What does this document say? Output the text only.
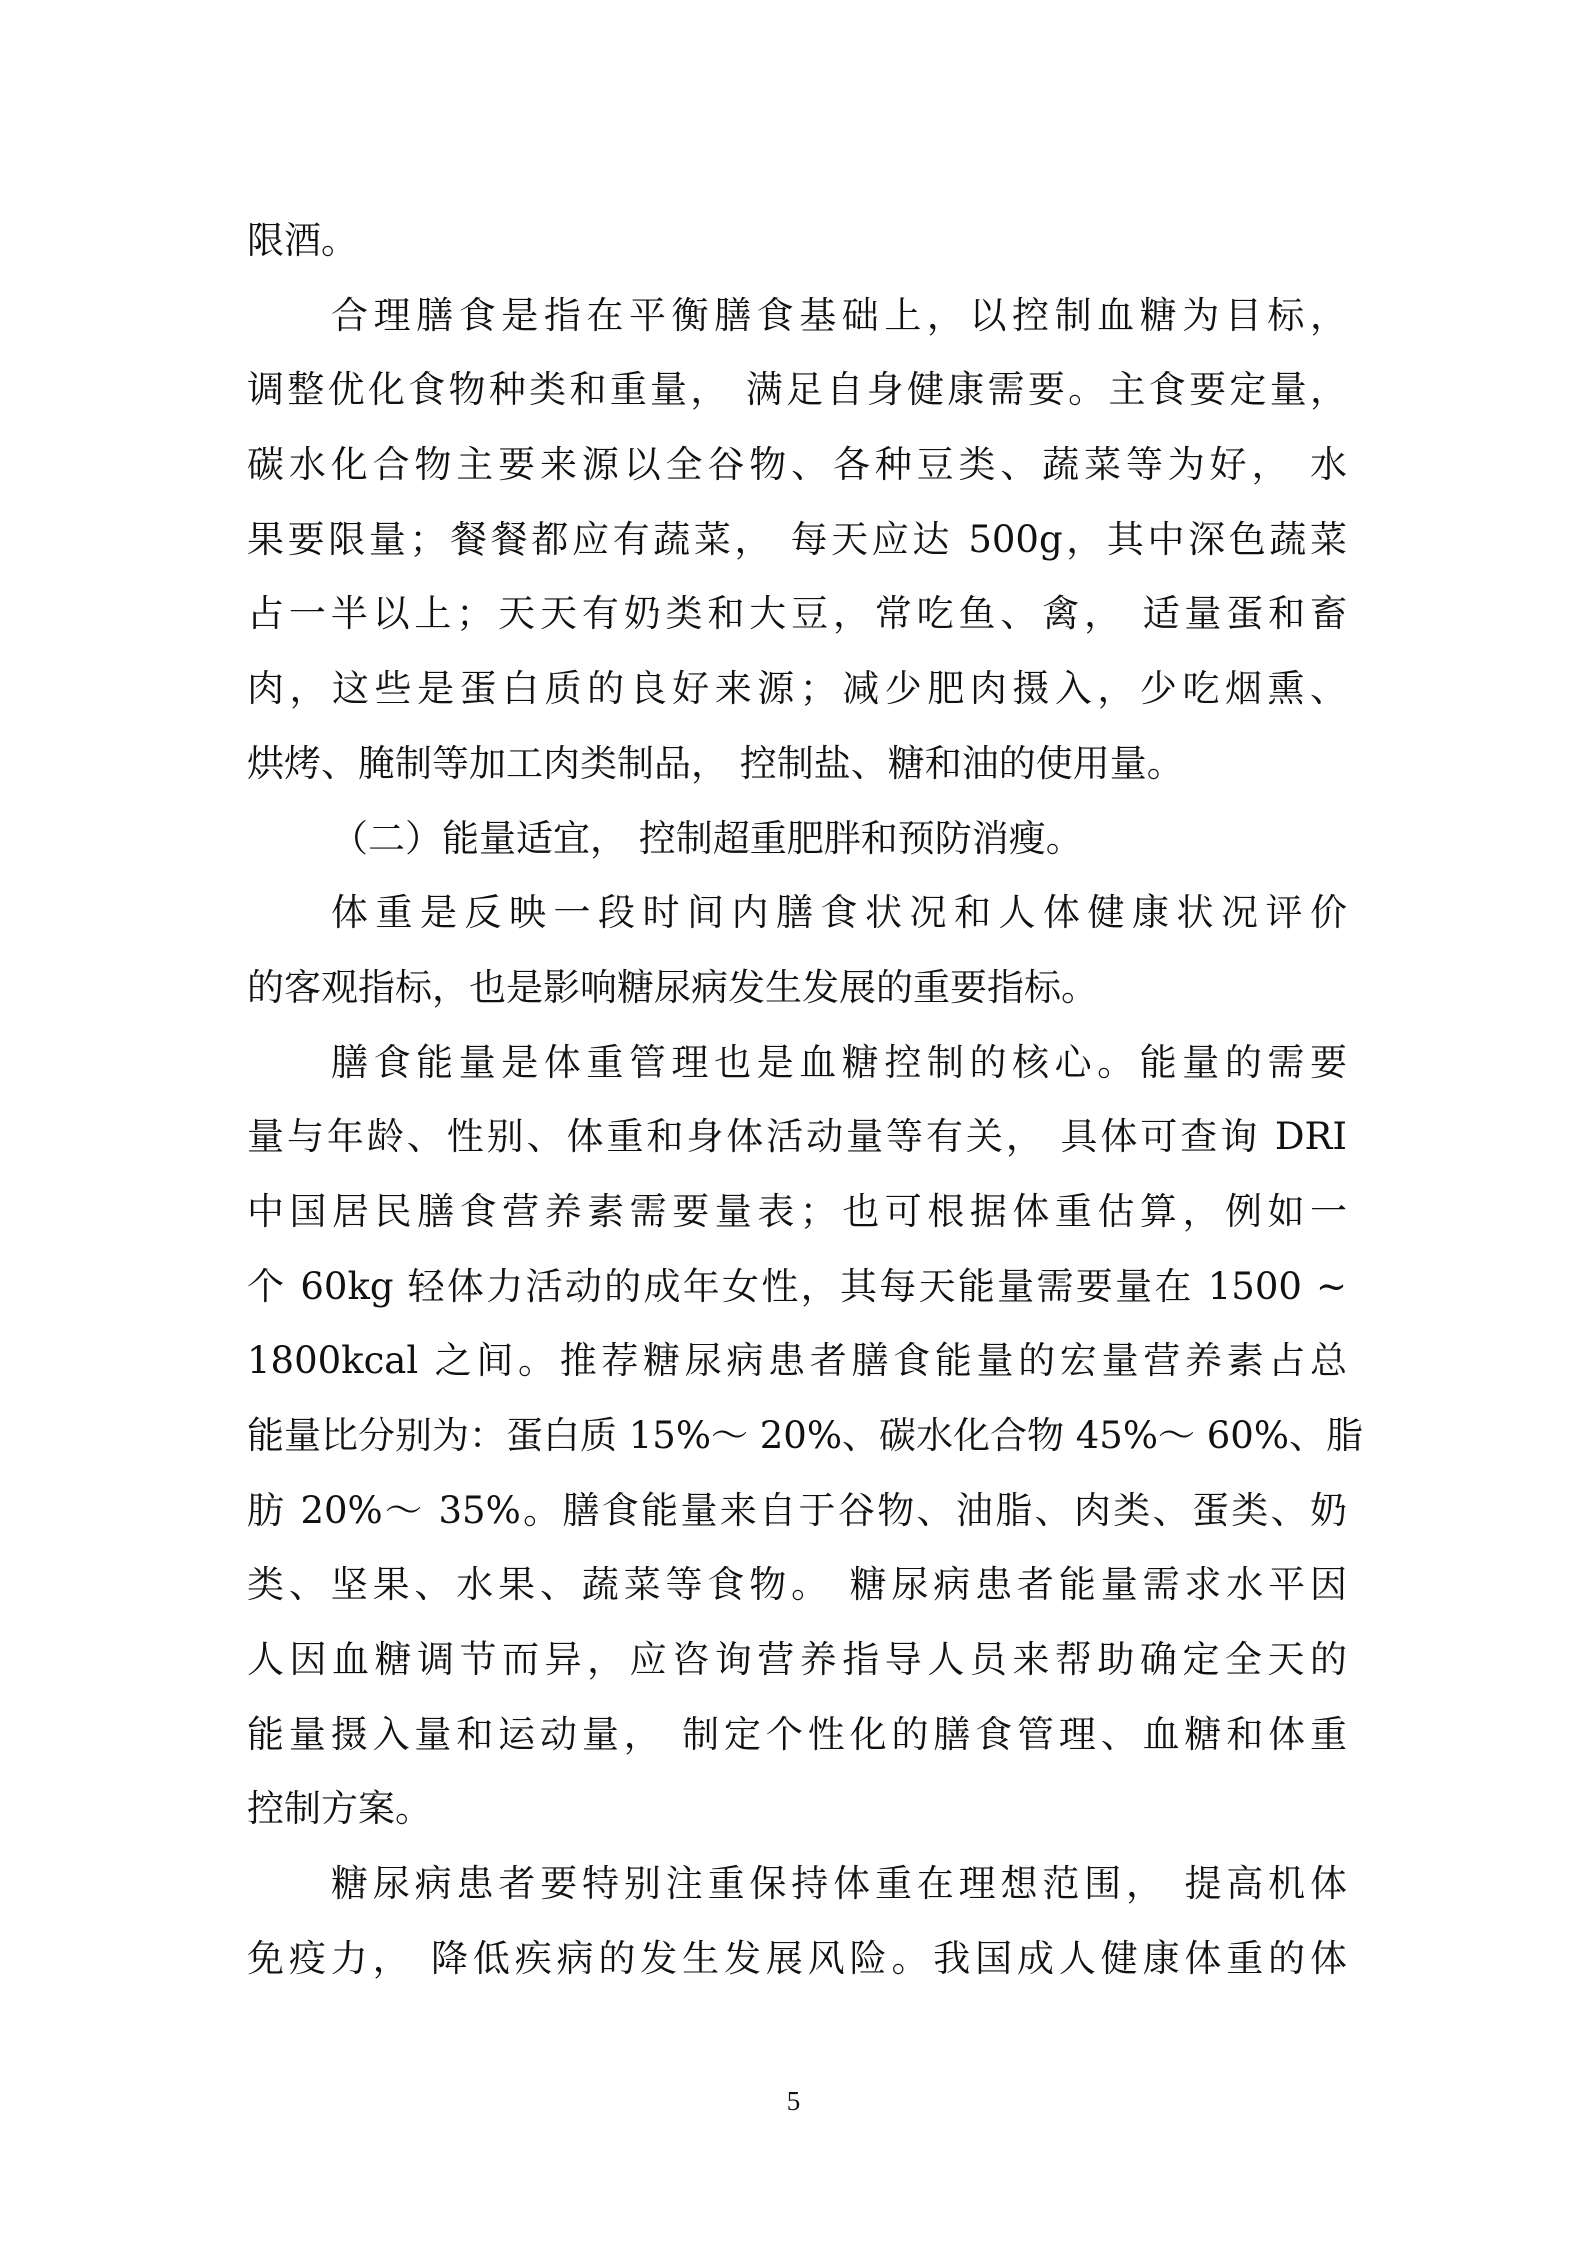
限酒。
合理膳食是指在平衡膳食基础上，以控制血糖为目标，
调整优化食物种类和重量， 满足自身健康需要。主食要定量，
碳水化合物主要来源以全谷物、各种豆类、蔬菜等为好， 水
果要限量；餐餐都应有蔬菜， 每天应达 500g，其中深色蔬菜
占一半以上；天天有奶类和大豆，常吃鱼、禽， 适量蛋和畜
肉，这些是蛋白质的良好来源；减少肥肉摄入，少吃烟熏、
烘烤、腌制等加工肉类制品， 控制盐、糖和油的使用量。
（二）能量适宜， 控制超重肥胖和预防消瘦。
体重是反映一段时间内膳食状况和人体健康状况评价
的客观指标，也是影响糖尿病发生发展的重要指标。
膳食能量是体重管理也是血糖控制的核心。能量的需要
量与年龄、性别、体重和身体活动量等有关， 具体可查询 DRI
中国居民膳食营养素需要量表；也可根据体重估算，例如一
个 60kg 轻体力活动的成年女性，其每天能量需要量在 1500 ~
1800kcal 之间。推荐糖尿病患者膳食能量的宏量营养素占总
能量比分别为：蛋白质 15%～ 20%、碳水化合物 45%～ 60%、脂
肪 20%～ 35%。膳食能量来自于谷物、油脂、肉类、蛋类、奶
类、坚果、水果、蔬菜等食物。 糖尿病患者能量需求水平因
人因血糖调节而异，应咨询营养指导人员来帮助确定全天的
能量摄入量和运动量， 制定个性化的膳食管理、血糖和体重
控制方案。
糖尿病患者要特别注重保持体重在理想范围， 提高机体
免疫力， 降低疾病的发生发展风险。我国成人健康体重的体
5
